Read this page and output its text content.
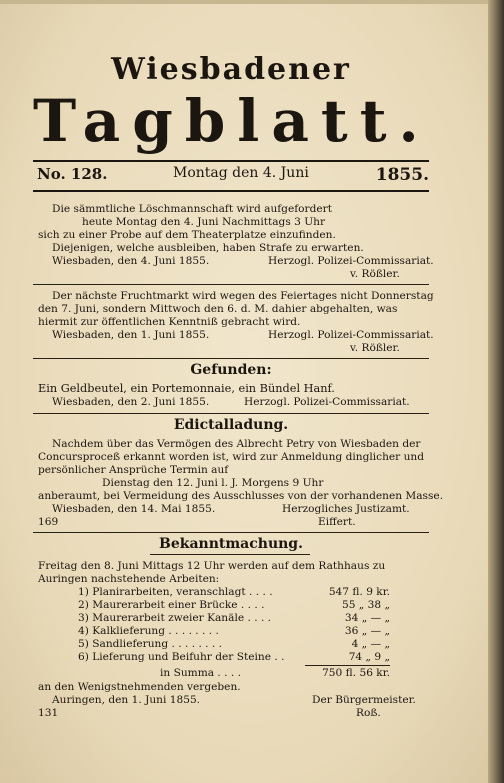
Wiesbadener
Tagblatt.
No. 128.	Montag den 4. Juni	1855.
Die sämmtliche Löschmannschaft wird aufgefordert
heute Montag den 4. Juni Nachmittags 3 Uhr
sich zu einer Probe auf dem Theaterplatze einzufinden.
Diejenigen, welche ausbleiben, haben Strafe zu erwarten.
Wiesbaden, den 4. Juni 1855.	Herzogl. Polizei-Commissariat.
v. Rößler.
Der nächste Fruchtmarkt wird wegen des Feiertages nicht Donnerstag
den 7. Juni, sondern Mittwoch den 6. d. M. dahier abgehalten, was
hiermit zur öffentlichen Kenntniß gebracht wird.
Wiesbaden, den 1. Juni 1855.	Herzogl. Polizei-Commissariat.
v. Rößler.
Gefunden:
Ein Geldbeutel, ein Portemonnaie, ein Bündel Hanf.
Wiesbaden, den 2. Juni 1855.	Herzogl. Polizei-Commissariat.
Edictalladung.
Nachdem über das Vermögen des Albrecht Petry von Wiesbaden der
Concursproceß erkannt worden ist, wird zur Anmeldung dinglicher und
persönlicher Ansprüche Termin auf
Dienstag den 12. Juni l. J. Morgens 9 Uhr
anberaumt, bei Vermeidung des Ausschlusses von der vorhandenen Masse.
Wiesbaden, den 14. Mai 1855.	Herzogliches Justizamt.
169	Eiffert.
Bekanntmachung.
Freitag den 8. Juni Mittags 12 Uhr werden auf dem Rathhaus zu
Auringen nachstehende Arbeiten:
1) Planirarbeiten, veranschlagt . . . .	547 fl. 9 kr.
2) Maurerarbeit einer Brücke . . . .	55 „ 38 „
3) Maurerarbeit zweier Kanäle . . . .	34 „ — „
4) Kalklieferung . . . . . . . .	36 „ — „
5) Sandlieferung . . . . . . . .	4 „ — „
6) Lieferung und Beifuhr der Steine . .	74 „ 9 „
in Summa . . . .	750 fl. 56 kr.
an den Wenigstnehmenden vergeben.
Auringen, den 1. Juni 1855.	Der Bürgermeister.
131	Roß.
